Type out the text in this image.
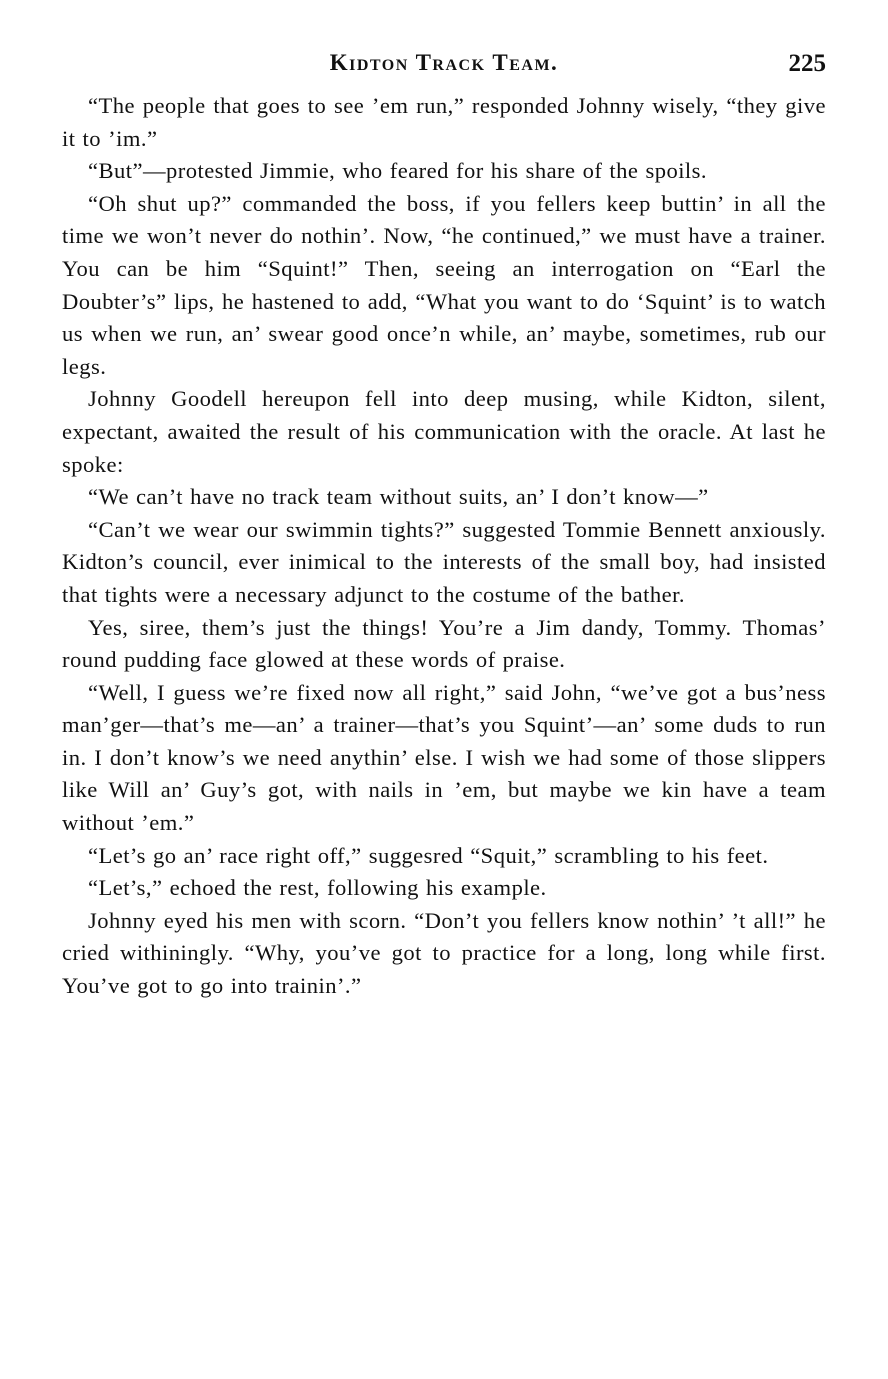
Kidton Track Team.	225

“The people that goes to see ’em run,” responded Johnny wisely, “they give it to ’im.”

“But”—protested Jimmie, who feared for his share of the spoils.

“Oh shut up?” commanded the boss, if you fellers keep buttin’ in all the time we won’t never do nothin’. Now, “he continued,” we must have a trainer. You can be him “Squint!” Then, seeing an interrogation on “Earl the Doubter’s” lips, he hastened to add, “What you want to do ‘Squint’ is to watch us when we run, an’ swear good once’n while, an’ maybe, sometimes, rub our legs.

Johnny Goodell hereupon fell into deep musing, while Kidton, silent, expectant, awaited the result of his communication with the oracle. At last he spoke:

“We can’t have no track team without suits, an’ I don’t know—”

“Can’t we wear our swimmin tights?” suggested Tommie Bennett anxiously. Kidton’s council, ever inimical to the interests of the small boy, had insisted that tights were a necessary adjunct to the costume of the bather.

Yes, siree, them’s just the things! You’re a Jim dandy, Tommy. Thomas’ round pudding face glowed at these words of praise.

“Well, I guess we’re fixed now all right,” said John, “we’ve got a bus’ness man’ger—that’s me—an’ a trainer—that’s you Squint’—an’ some duds to run in. I don’t know’s we need anythin’ else. I wish we had some of those slippers like Will an’ Guy’s got, with nails in ’em, but maybe we kin have a team without ’em.”

“Let’s go an’ race right off,” suggesred “Squit,” scrambling to his feet.

“Let’s,” echoed the rest, following his example.

Johnny eyed his men with scorn. “Don’t you fellers know nothin’ ’t all!” he cried withiningly. “Why, you’ve got to practice for a long, long while first. You’ve got to go into trainin’.”
